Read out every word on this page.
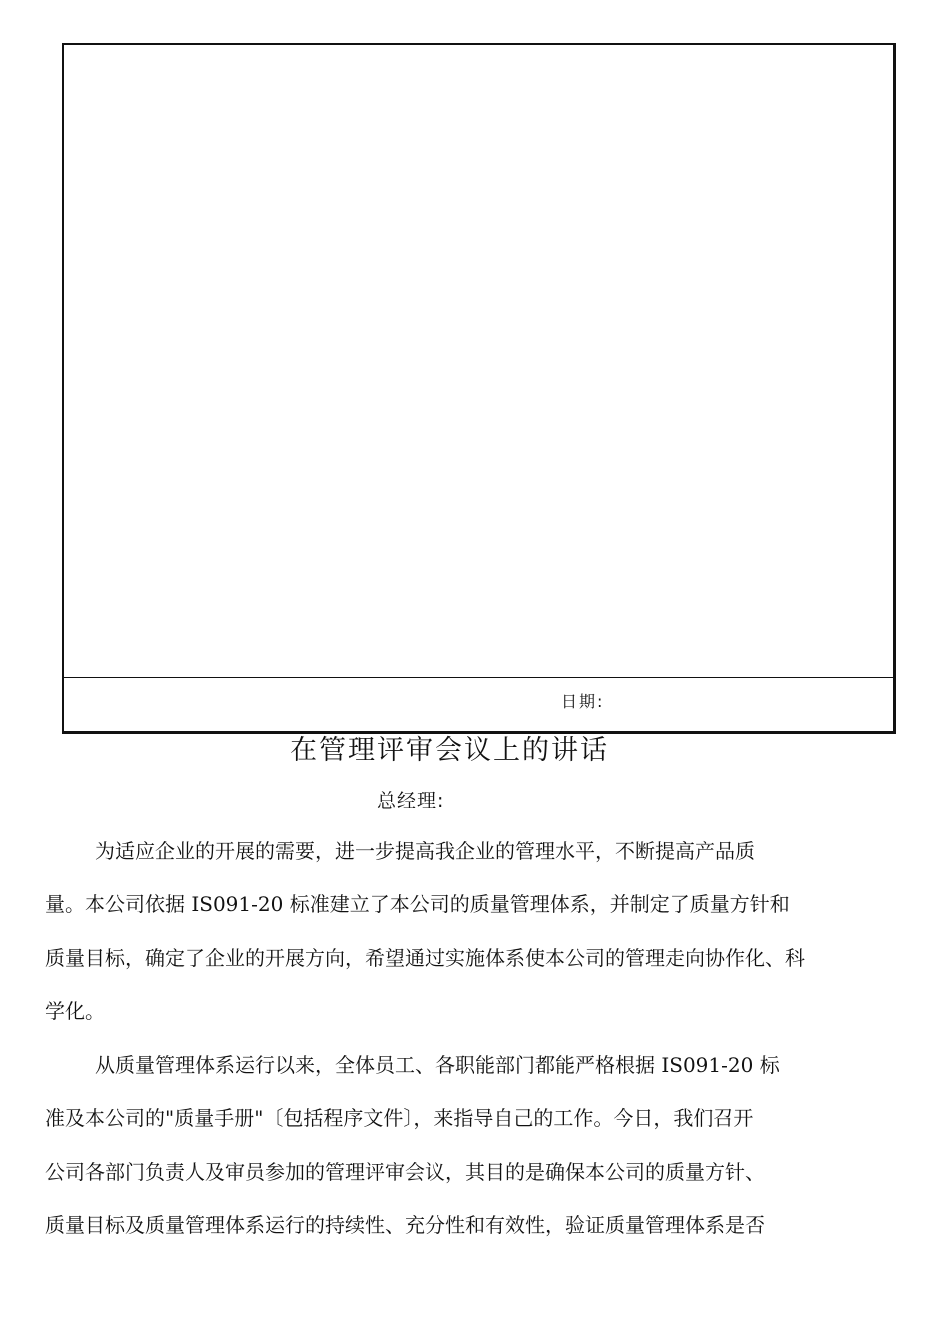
日期:
在管理评审会议上的讲话
总经理:
为适应企业的开展的需要，进一步提高我企业的管理水平，不断提高产品质
量。本公司依据 IS091-20 标准建立了本公司的质量管理体系，并制定了质量方针和
质量目标，确定了企业的开展方向，希望通过实施体系使本公司的管理走向协作化、科
学化。
从质量管理体系运行以来，全体员工、各职能部门都能严格根据 IS091-20 标
准及本公司的"质量手册"〔包括程序文件〕，来指导自己的工作。今日，我们召开
公司各部门负责人及审员参加的管理评审会议，其目的是确保本公司的质量方针、
质量目标及质量管理体系运行的持续性、充分性和有效性，验证质量管理体系是否
